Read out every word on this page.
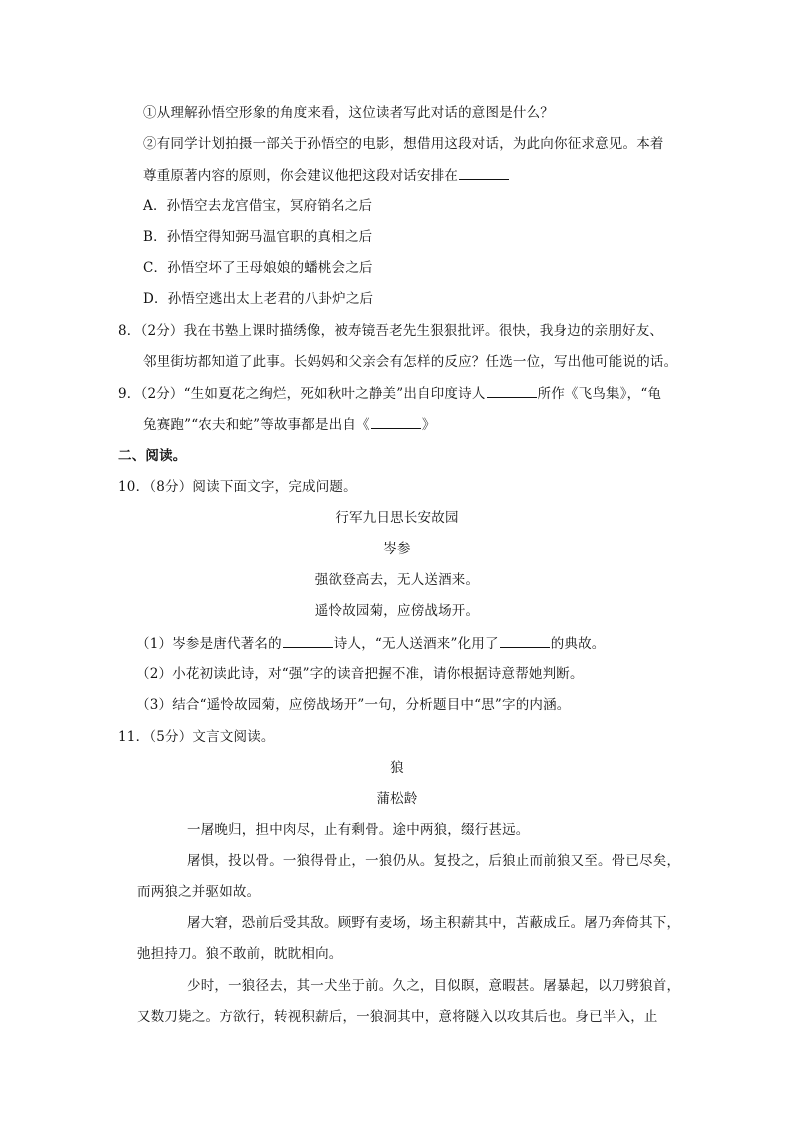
①从理解孙悟空形象的角度来看，这位读者写此对话的意图是什么？
②有同学计划拍摄一部关于孙悟空的电影，想借用这段对话，为此向你征求意见。本着
尊重原著内容的原则，你会建议他把这段对话安排在
A．孙悟空去龙宫借宝，冥府销名之后
B．孙悟空得知弼马温官职的真相之后
C．孙悟空坏了王母娘娘的蟠桃会之后
D．孙悟空逃出太上老君的八卦炉之后
8．（2分）我在书塾上课时描绣像，被寿镜吾老先生狠狠批评。很快，我身边的亲朋好友、
邻里街坊都知道了此事。长妈妈和父亲会有怎样的反应？任选一位，写出他可能说的话。
9．（2分）“生如夏花之绚烂，死如秋叶之静美”出自印度诗人	所作《飞鸟集》，“龟
兔赛跑”“农夫和蛇”等故事都是出自《	》
二、阅读。
10．（8分）阅读下面文字，完成问题。
行军九日思长安故园
岑参
强欲登高去，无人送酒来。
遥怜故园菊，应傍战场开。
（1）岑参是唐代著名的	诗人，“无人送酒来”化用了	的典故。
（2）小花初读此诗，对“强”字的读音把握不准，请你根据诗意帮她判断。
（3）结合“遥怜故园菊，应傍战场开”一句，分析题目中“思”字的内涵。
11．（5分）文言文阅读。
狼
蒲松龄
一屠晚归，担中肉尽，止有剩骨。途中两狼，缀行甚远。
屠惧，投以骨。一狼得骨止，一狼仍从。复投之，后狼止而前狼又至。骨已尽矣，
而两狼之并驱如故。
屠大窘，恐前后受其敌。顾野有麦场，场主积薪其中，苫蔽成丘。屠乃奔倚其下，
弛担持刀。狼不敢前，眈眈相向。
少时，一狼径去，其一犬坐于前。久之，目似瞑，意暇甚。屠暴起，以刀劈狼首，
又数刀毙之。方欲行，转视积薪后，一狼洞其中，意将隧入以攻其后也。身已半入，止
